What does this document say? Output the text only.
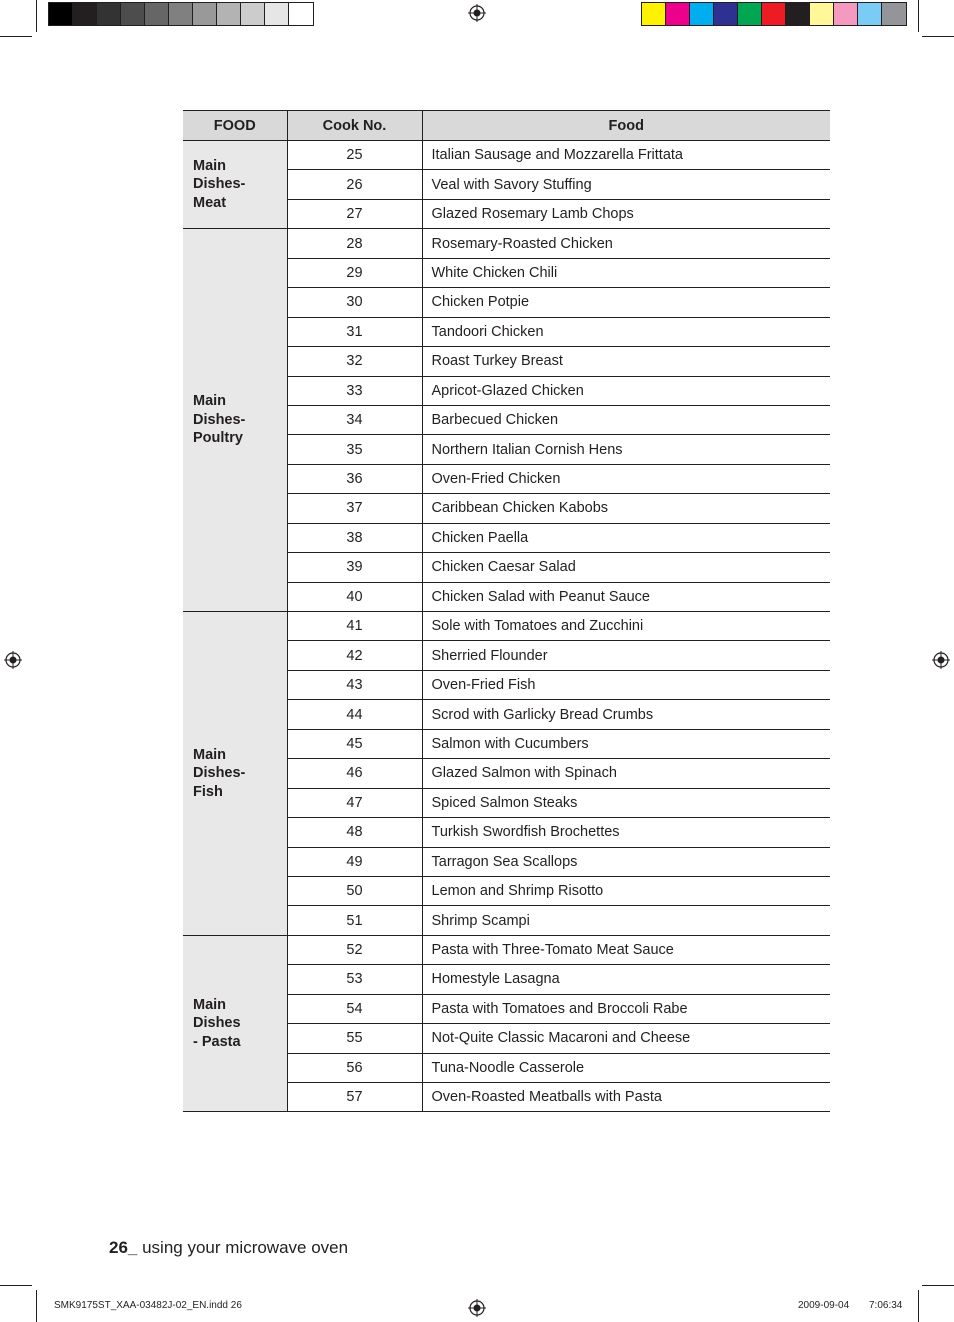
FOOD	Cook No.	Food
Main
Dishes-
Meat	25	Italian Sausage and Mozzarella Frittata
	26	Veal with Savory Stuffing
	27	Glazed Rosemary Lamb Chops
Main
Dishes-
Poultry	28	Rosemary-Roasted Chicken
	29	White Chicken Chili
	30	Chicken Potpie
	31	Tandoori Chicken
	32	Roast Turkey Breast
	33	Apricot-Glazed Chicken
	34	Barbecued Chicken
	35	Northern Italian Cornish Hens
	36	Oven-Fried Chicken
	37	Caribbean Chicken Kabobs
	38	Chicken Paella
	39	Chicken Caesar Salad
	40	Chicken Salad with Peanut Sauce
Main
Dishes-
Fish	41	Sole with Tomatoes and Zucchini
	42	Sherried Flounder
	43	Oven-Fried Fish
	44	Scrod with Garlicky Bread Crumbs
	45	Salmon with Cucumbers
	46	Glazed Salmon with Spinach
	47	Spiced Salmon Steaks
	48	Turkish Swordfish Brochettes
	49	Tarragon Sea Scallops
	50	Lemon and Shrimp Risotto
	51	Shrimp Scampi
Main
Dishes
- Pasta	52	Pasta with Three-Tomato Meat Sauce
	53	Homestyle Lasagna
	54	Pasta with Tomatoes and Broccoli Rabe
	55	Not-Quite Classic Macaroni and Cheese
	56	Tuna-Noodle Casserole
	57	Oven-Roasted Meatballs with Pasta
26_ using your microwave oven
SMK9175ST_XAA-03482J-02_EN.indd 26	2009-09-04 7:06:34
